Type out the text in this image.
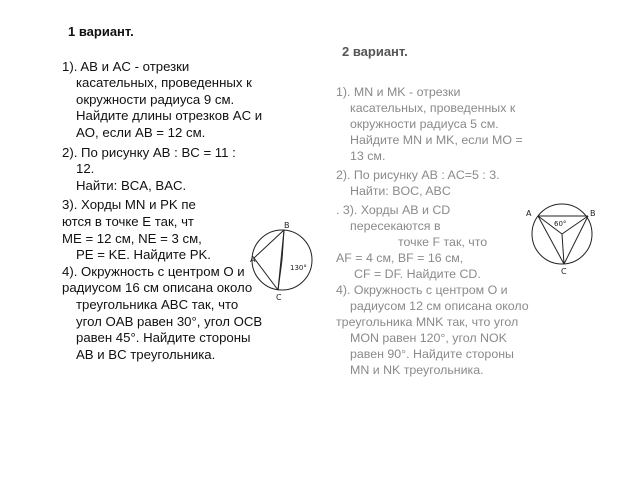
1 вариант.
1). AB и AC - отрезки
касательных, проведенных к
окружности радиуса 9 см.
Найдите длины отрезков AC и
AO, если AB = 12 см.
2). По рисунку AB : BC = 11 :
12.
Найти: BCA, BAC.
3). Хорды MN и PK пе
ются в точке E так, чт
ME = 12 см, NE = 3 см,
PE = KE. Найдите PK.
4). Окружность с центром O и
радиусом 16 см описана около
треугольника ABC так, что
угол OAB равен 30°, угол OCB
равен 45°. Найдите стороны
AB и BC треугольника.
B
A
C
130°
2 вариант.
1). MN и MK - отрезки
касательных, проведенных к
окружности радиуса 5 см.
Найдите MN и MK, если MO =
13 см.
2). По рисунку AB : AC=5 : 3.
Найти: BOC, ABC
. 3). Хорды AB и CD
пересекаются в
точке F так, что
AF = 4 см, BF = 16 см,
CF = DF. Найдите CD.
4). Окружность с центром O и
радиусом 12 см описана около
треугольника MNK так, что угол
MON равен 120°, угол NOK
равен 90°. Найдите стороны
MN и NK треугольника.
A	B
C
60°
